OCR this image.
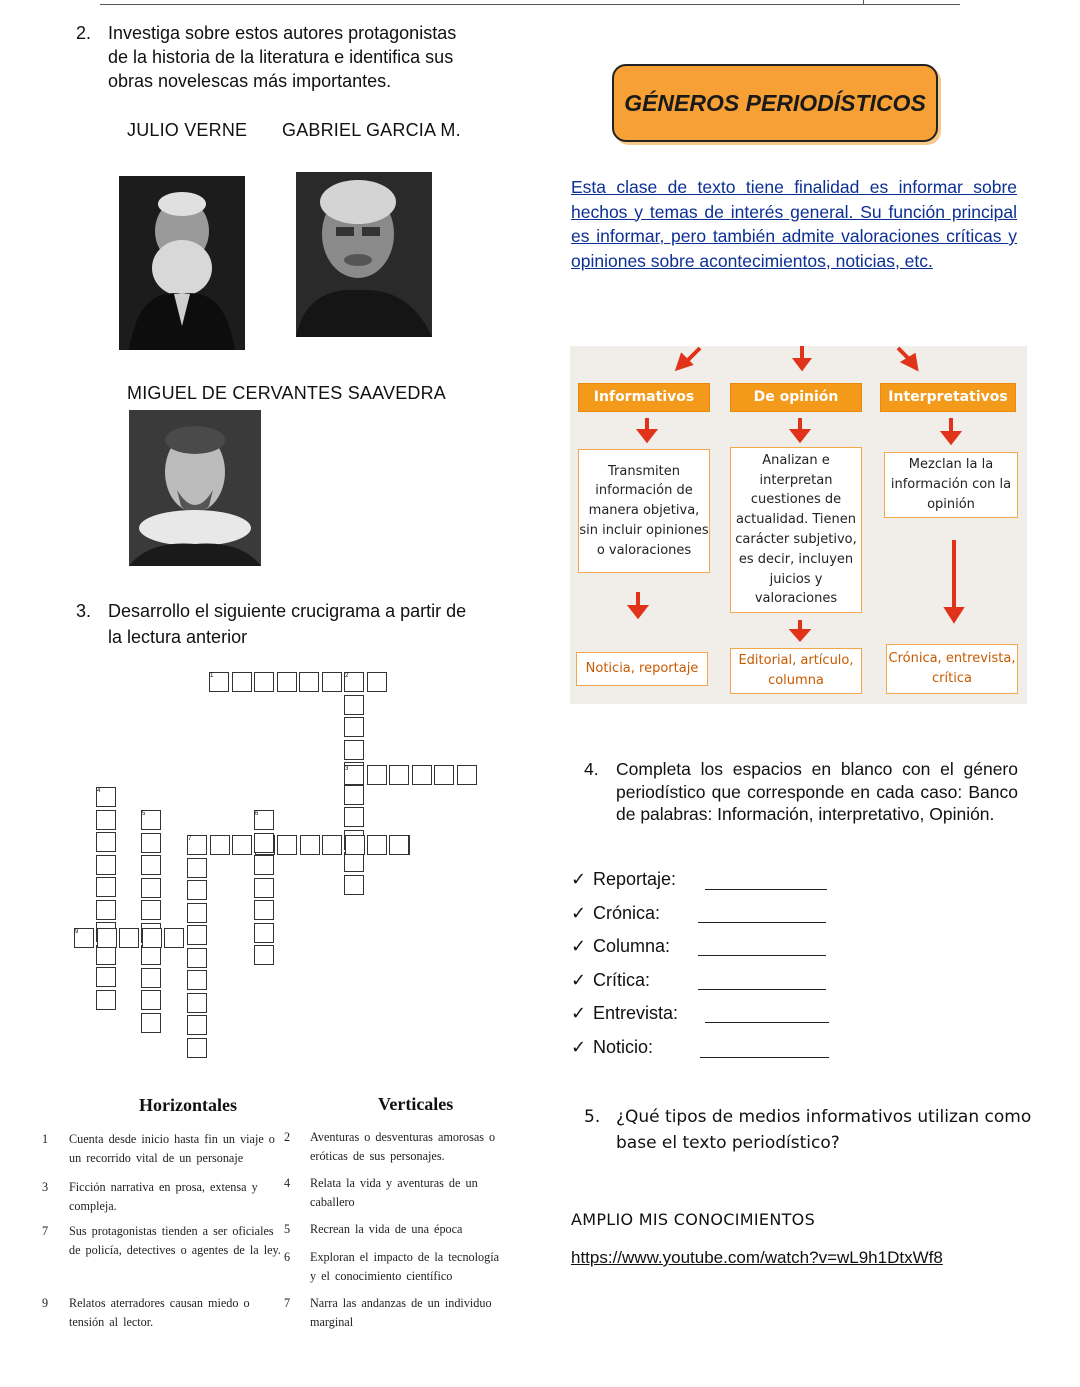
2. Investiga sobre estos autores protagonistas
de la historia de la literatura e identifica sus
obras novelescas más importantes.
JULIO VERNE GABRIEL GARCIA M.
MIGUEL DE CERVANTES SAAVEDRA
GÉNEROS PERIODÍSTICOS
Esta clase de texto tiene finalidad es informar sobre hechos y temas de interés general. Su función principal es informar, pero también admite valoraciones críticas y opiniones sobre acontecimientos, noticias, etc.
Informativos	De opinión	Interpretativos
Transmiten información de manera objetiva, sin incluir opiniones o valoraciones
Analizan e interpretan cuestiones de actualidad. Tienen carácter subjetivo, es decir, incluyen juicios y valoraciones
Mezclan la la información con la opinión
Noticia, reportaje
Editorial, artículo, columna
Crónica, entrevista, crítica
3. Desarrollo el siguiente crucigrama a partir de
la lectura anterior
1	2
3
4
5	6
7
9
4. Completa los espacios en blanco con el género periodístico que corresponde en cada caso: Banco de palabras: Información, interpretativo, Opinión.
✓ Reportaje:
✓ Crónica:
✓ Columna:
✓ Crítica:
✓ Entrevista:
✓ Noticio:
Horizontales	Verticales
1 Cuenta desde inicio hasta fin un viaje o un recorrido vital de un personaje
3 Ficción narrativa en prosa, extensa y compleja.
7 Sus protagonistas tienden a ser oficiales de policía, detectives o agentes de la ley.
9 Relatos aterradores causan miedo o tensión al lector.
2 Aventuras o desventuras amorosas o eróticas de sus personajes.
4 Relata la vida y aventuras de un caballero
5 Recrean la vida de una época
6 Exploran el impacto de la tecnología y el conocimiento científico
7 Narra las andanzas de un individuo marginal
5. ¿Qué tipos de medios informativos utilizan como
base el texto periodístico?
AMPLIO MIS CONOCIMIENTOS
https://www.youtube.com/watch?v=wL9h1DtxWf8
